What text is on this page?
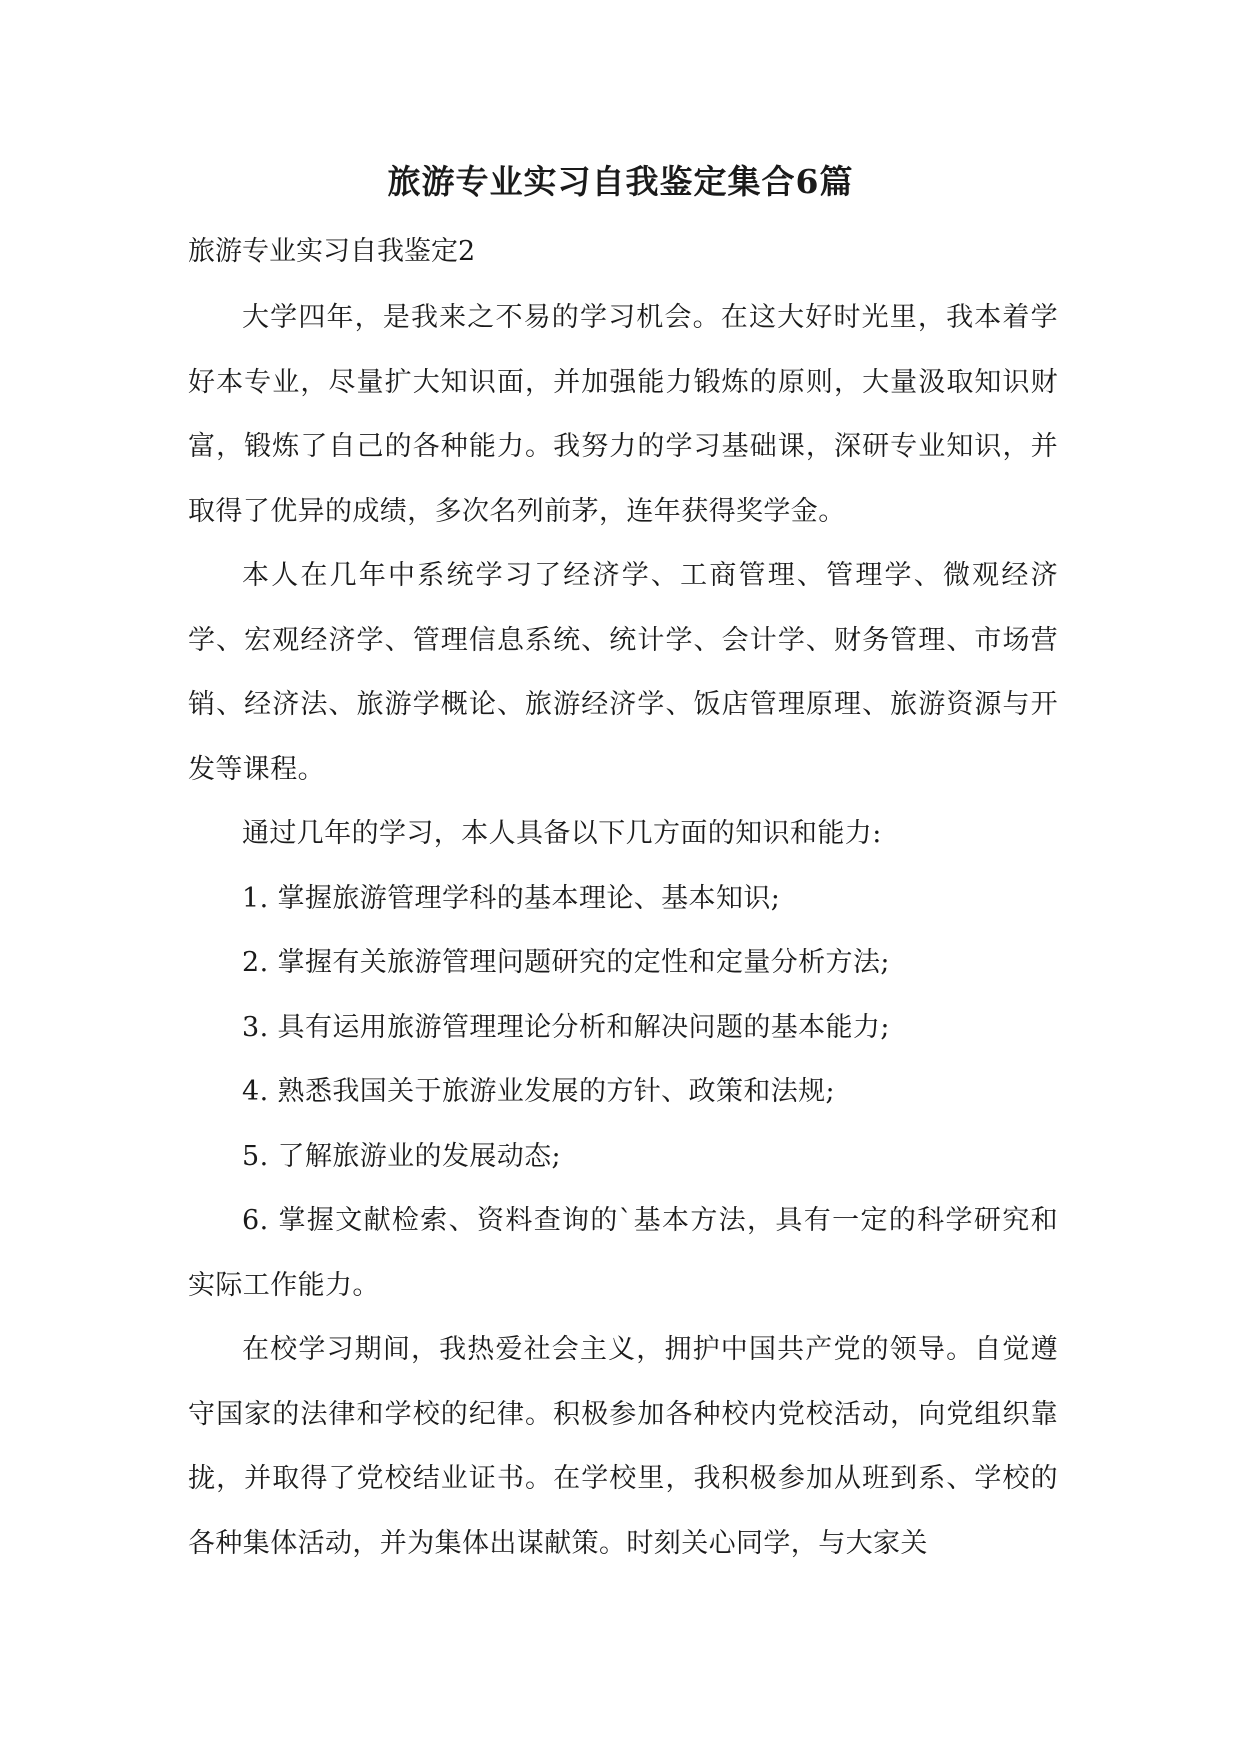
旅游专业实习自我鉴定集合6篇
旅游专业实习自我鉴定2

大学四年，是我来之不易的学习机会。在这大好时光里，我本着学好本专业，尽量扩大知识面，并加强能力锻炼的原则，大量汲取知识财富，锻炼了自己的各种能力。我努力的学习基础课，深研专业知识，并取得了优异的成绩，多次名列前茅，连年获得奖学金。

本人在几年中系统学习了经济学、工商管理、管理学、微观经济学、宏观经济学、管理信息系统、统计学、会计学、财务管理、市场营销、经济法、旅游学概论、旅游经济学、饭店管理原理、旅游资源与开发等课程。

通过几年的学习，本人具备以下几方面的知识和能力:

1. 掌握旅游管理学科的基本理论、基本知识;

2. 掌握有关旅游管理问题研究的定性和定量分析方法;

3. 具有运用旅游管理理论分析和解决问题的基本能力;

4. 熟悉我国关于旅游业发展的方针、政策和法规;

5. 了解旅游业的发展动态;

6. 掌握文献检索、资料查询的`基本方法，具有一定的科学研究和实际工作能力。

在校学习期间，我热爱社会主义，拥护中国共产党的领导。自觉遵守国家的法律和学校的纪律。积极参加各种校内党校活动，向党组织靠拢，并取得了党校结业证书。在学校里，我积极参加从班到系、学校的各种集体活动，并为集体出谋献策。时刻关心同学，与大家关
